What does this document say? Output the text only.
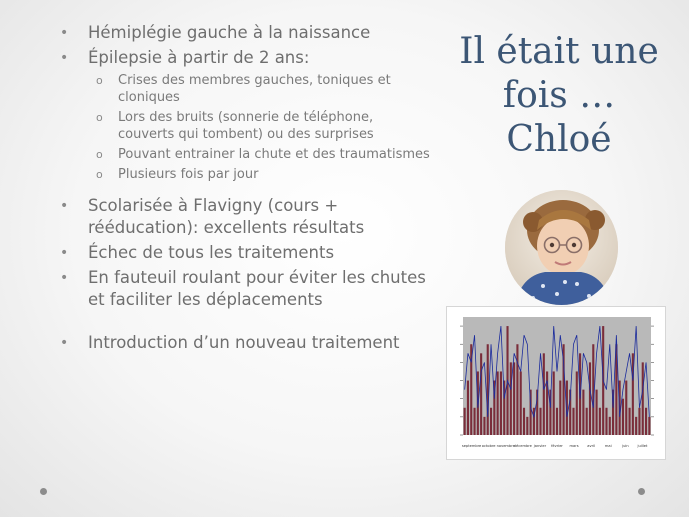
• Hémiplégie gauche à la naissance
• Épilepsie à partir de 2 ans:
o Crises des membres gauches, toniques et cloniques
o Lors des bruits (sonnerie de téléphone, couverts qui tombent) ou des surprises
o Pouvant entrainer la chute et des traumatismes
o Plusieurs fois par jour
• Scolarisée à Flavigny (cours + rééducation): excellents résultats
• Échec de tous les traitements
• En fauteuil roulant pour éviter les chutes et faciliter les déplacements
• Introduction d’un nouveau traitement
Il était une
fois …
Chloé
septembre octobre novembre
décembre janvier février mars avril	mai	juin juillet
